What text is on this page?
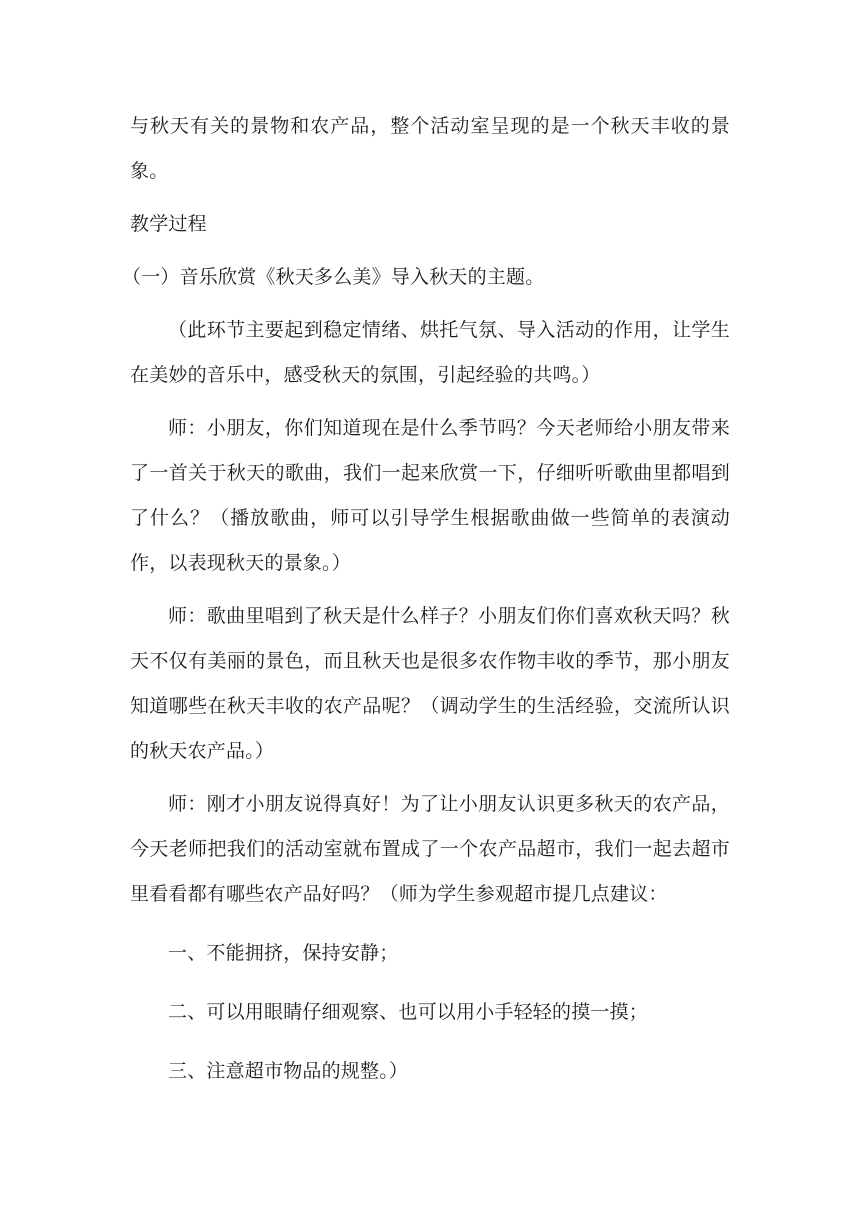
与秋天有关的景物和农产品，整个活动室呈现的是一个秋天丰收的景象。

教学过程

（一）音乐欣赏《秋天多么美》导入秋天的主题。

（此环节主要起到稳定情绪、烘托气氛、导入活动的作用，让学生在美妙的音乐中，感受秋天的氛围，引起经验的共鸣。）

师：小朋友，你们知道现在是什么季节吗？今天老师给小朋友带来了一首关于秋天的歌曲，我们一起来欣赏一下，仔细听听歌曲里都唱到了什么？（播放歌曲，师可以引导学生根据歌曲做一些简单的表演动作，以表现秋天的景象。）

师：歌曲里唱到了秋天是什么样子？小朋友们你们喜欢秋天吗？秋天不仅有美丽的景色，而且秋天也是很多农作物丰收的季节，那小朋友知道哪些在秋天丰收的农产品呢？（调动学生的生活经验，交流所认识的秋天农产品。）

师：刚才小朋友说得真好！为了让小朋友认识更多秋天的农产品，今天老师把我们的活动室就布置成了一个农产品超市，我们一起去超市里看看都有哪些农产品好吗？（师为学生参观超市提几点建议：

一、不能拥挤，保持安静；

二、可以用眼睛仔细观察、也可以用小手轻轻的摸一摸；

三、注意超市物品的规整。）
